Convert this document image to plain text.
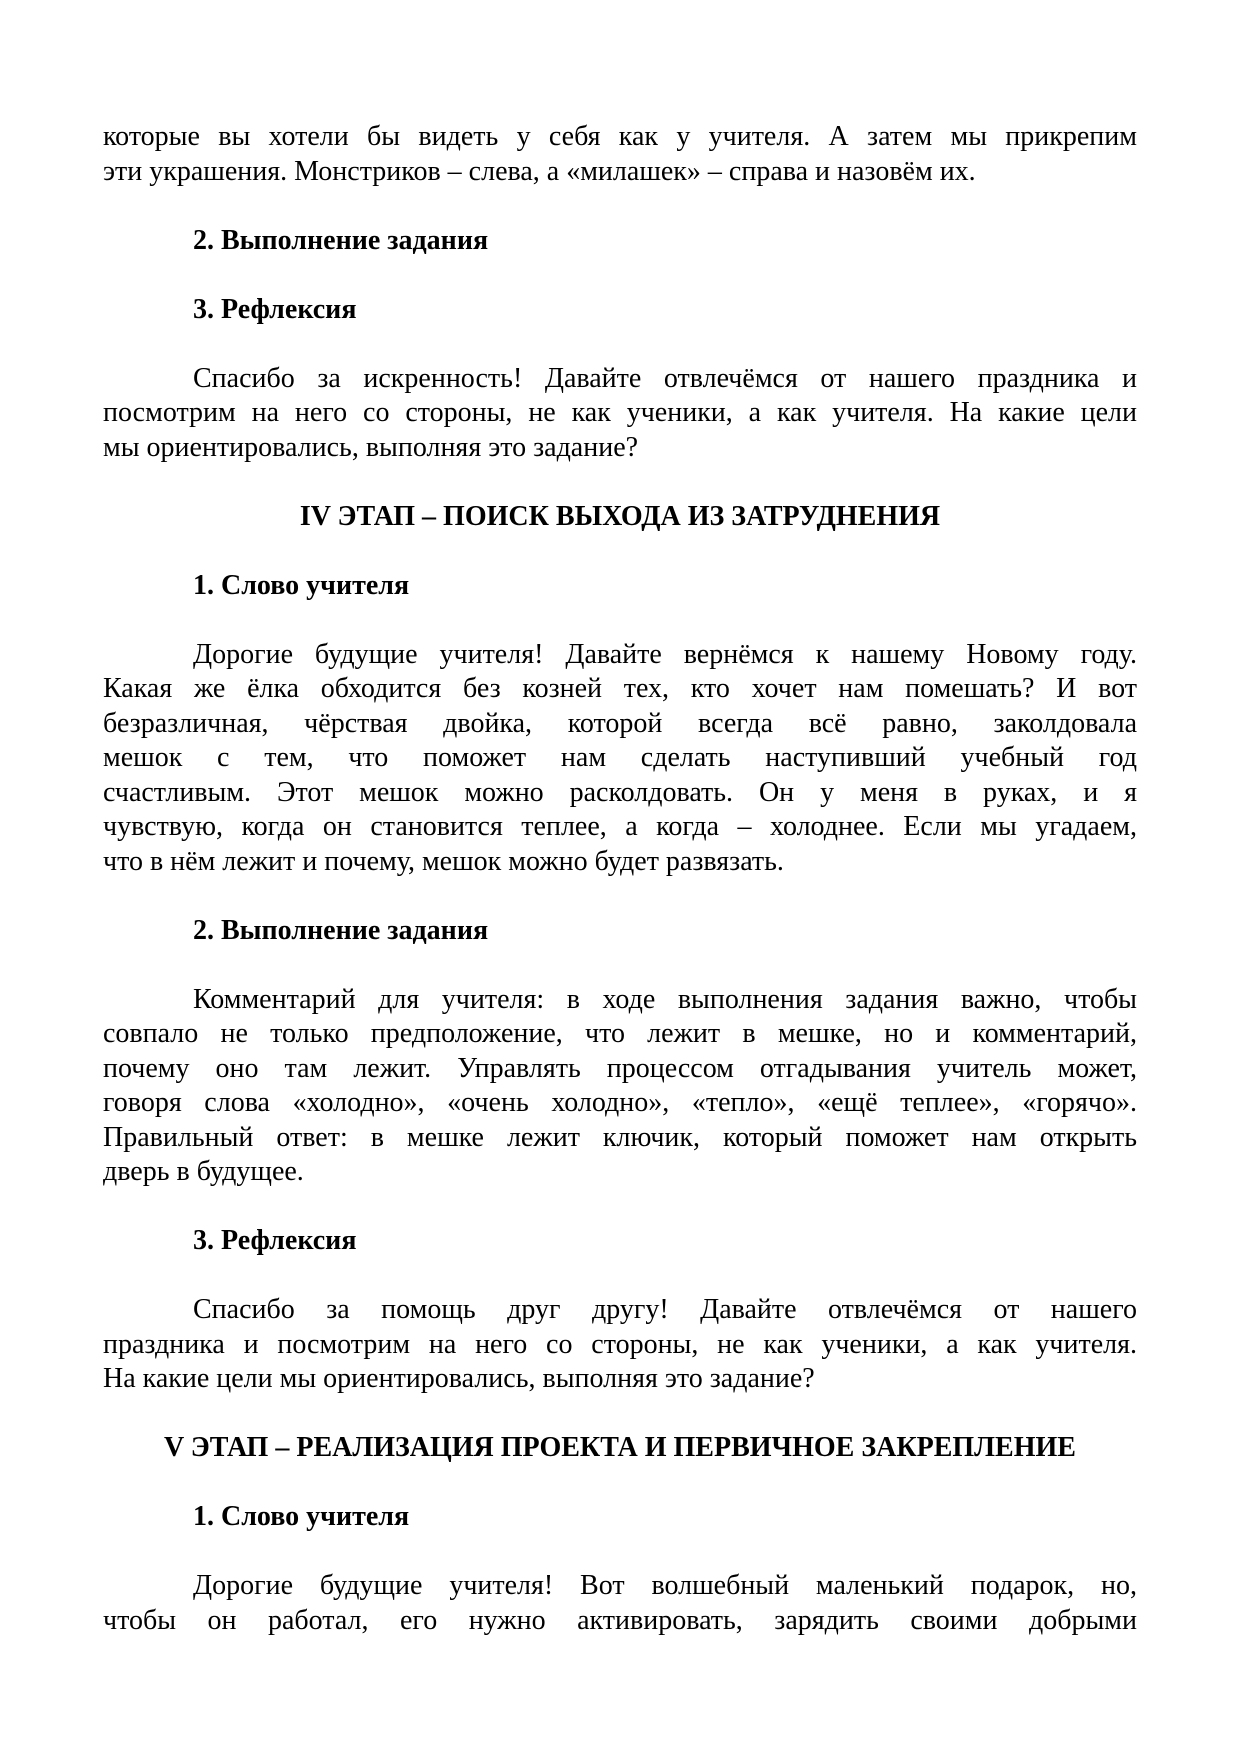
которые вы хотели бы видеть у себя как у учителя. А затем мы прикрепим
эти украшения. Монстриков – слева, а «милашек» – справа и назовём их.
2. Выполнение задания
3. Рефлексия
Спасибо за искренность! Давайте отвлечёмся от нашего праздника и
посмотрим на него со стороны, не как ученики, а как учителя. На какие цели
мы ориентировались, выполняя это задание?
IV ЭТАП – ПОИСК ВЫХОДА ИЗ ЗАТРУДНЕНИЯ
1. Слово учителя
Дорогие будущие учителя! Давайте вернёмся к нашему Новому году.
Какая же ёлка обходится без козней тех, кто хочет нам помешать? И вот
безразличная, чёрствая двойка, которой всегда всё равно, заколдовала
мешок с тем, что поможет нам сделать наступивший учебный год
счастливым. Этот мешок можно расколдовать. Он у меня в руках, и я
чувствую, когда он становится теплее, а когда – холоднее. Если мы угадаем,
что в нём лежит и почему, мешок можно будет развязать.
2. Выполнение задания
Комментарий для учителя: в ходе выполнения задания важно, чтобы
совпало не только предположение, что лежит в мешке, но и комментарий,
почему оно там лежит. Управлять процессом отгадывания учитель может,
говоря слова «холодно», «очень холодно», «тепло», «ещё теплее», «горячо».
Правильный ответ: в мешке лежит ключик, который поможет нам открыть
дверь в будущее.
3. Рефлексия
Спасибо за помощь друг другу! Давайте отвлечёмся от нашего
праздника и посмотрим на него со стороны, не как ученики, а как учителя.
На какие цели мы ориентировались, выполняя это задание?
V ЭТАП – РЕАЛИЗАЦИЯ ПРОЕКТА И ПЕРВИЧНОЕ ЗАКРЕПЛЕНИЕ
1. Слово учителя
Дорогие будущие учителя! Вот волшебный маленький подарок, но,
чтобы он работал, его нужно активировать, зарядить своими добрыми
